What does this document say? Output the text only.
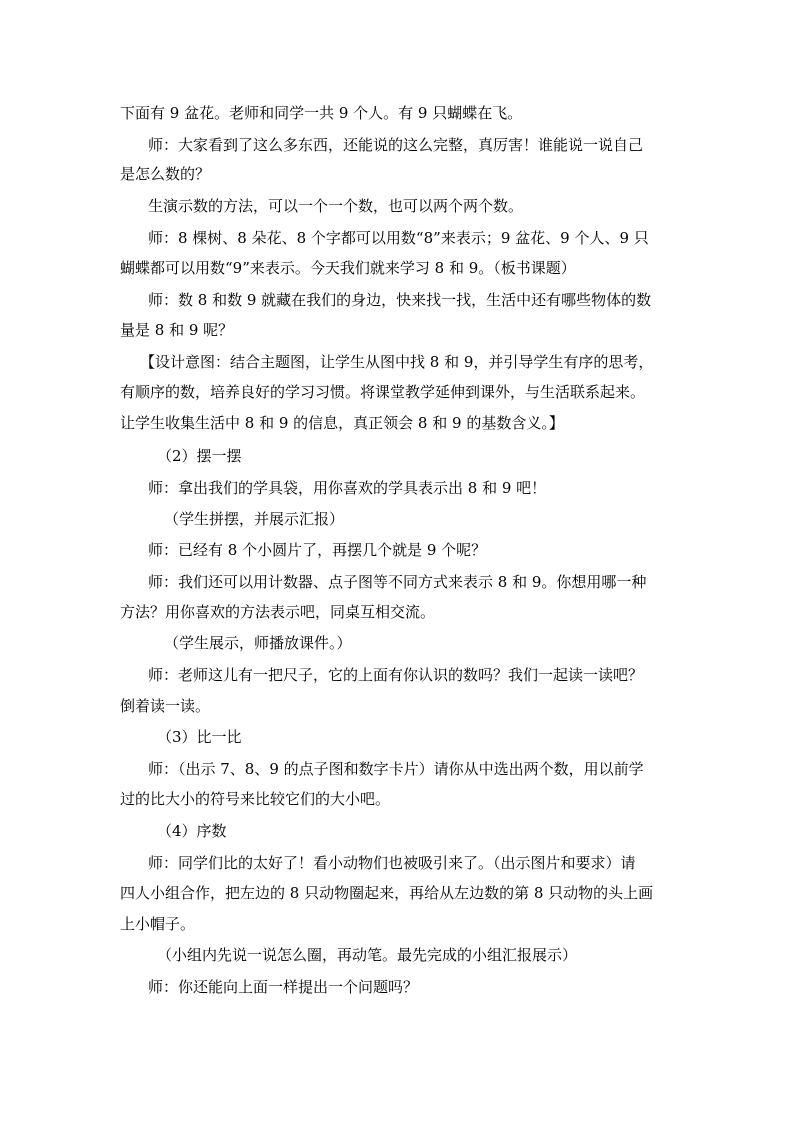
下面有 9 盆花。老师和同学一共 9 个人。有 9 只蝴蝶在飞。
师：大家看到了这么多东西，还能说的这么完整，真厉害！谁能说一说自己
是怎么数的？
生演示数的方法，可以一个一个数，也可以两个两个数。
师：8 棵树、8 朵花、8 个字都可以用数“8”来表示；9 盆花、9 个人、9 只
蝴蝶都可以用数“9”来表示。今天我们就来学习 8 和 9。（板书课题）
师：数 8 和数 9 就藏在我们的身边，快来找一找，生活中还有哪些物体的数
量是 8 和 9 呢？
【设计意图：结合主题图，让学生从图中找 8 和 9，并引导学生有序的思考，
有顺序的数，培养良好的学习习惯。将课堂教学延伸到课外，与生活联系起来。
让学生收集生活中 8 和 9 的信息，真正领会 8 和 9 的基数含义。】
（2）摆一摆
师：拿出我们的学具袋，用你喜欢的学具表示出 8 和 9 吧！
（学生拼摆，并展示汇报）
师：已经有 8 个小圆片了，再摆几个就是 9 个呢？
师：我们还可以用计数器、点子图等不同方式来表示 8 和 9。你想用哪一种
方法？用你喜欢的方法表示吧，同桌互相交流。
（学生展示，师播放课件。）
师：老师这儿有一把尺子，它的上面有你认识的数吗？我们一起读一读吧？
倒着读一读。
（3）比一比
师：（出示 7、8、9 的点子图和数字卡片）请你从中选出两个数，用以前学
过的比大小的符号来比较它们的大小吧。
（4）序数
师：同学们比的太好了！看小动物们也被吸引来了。（出示图片和要求）请
四人小组合作，把左边的 8 只动物圈起来，再给从左边数的第 8 只动物的头上画
上小帽子。
（小组内先说一说怎么圈，再动笔。最先完成的小组汇报展示）
师：你还能向上面一样提出一个问题吗？
